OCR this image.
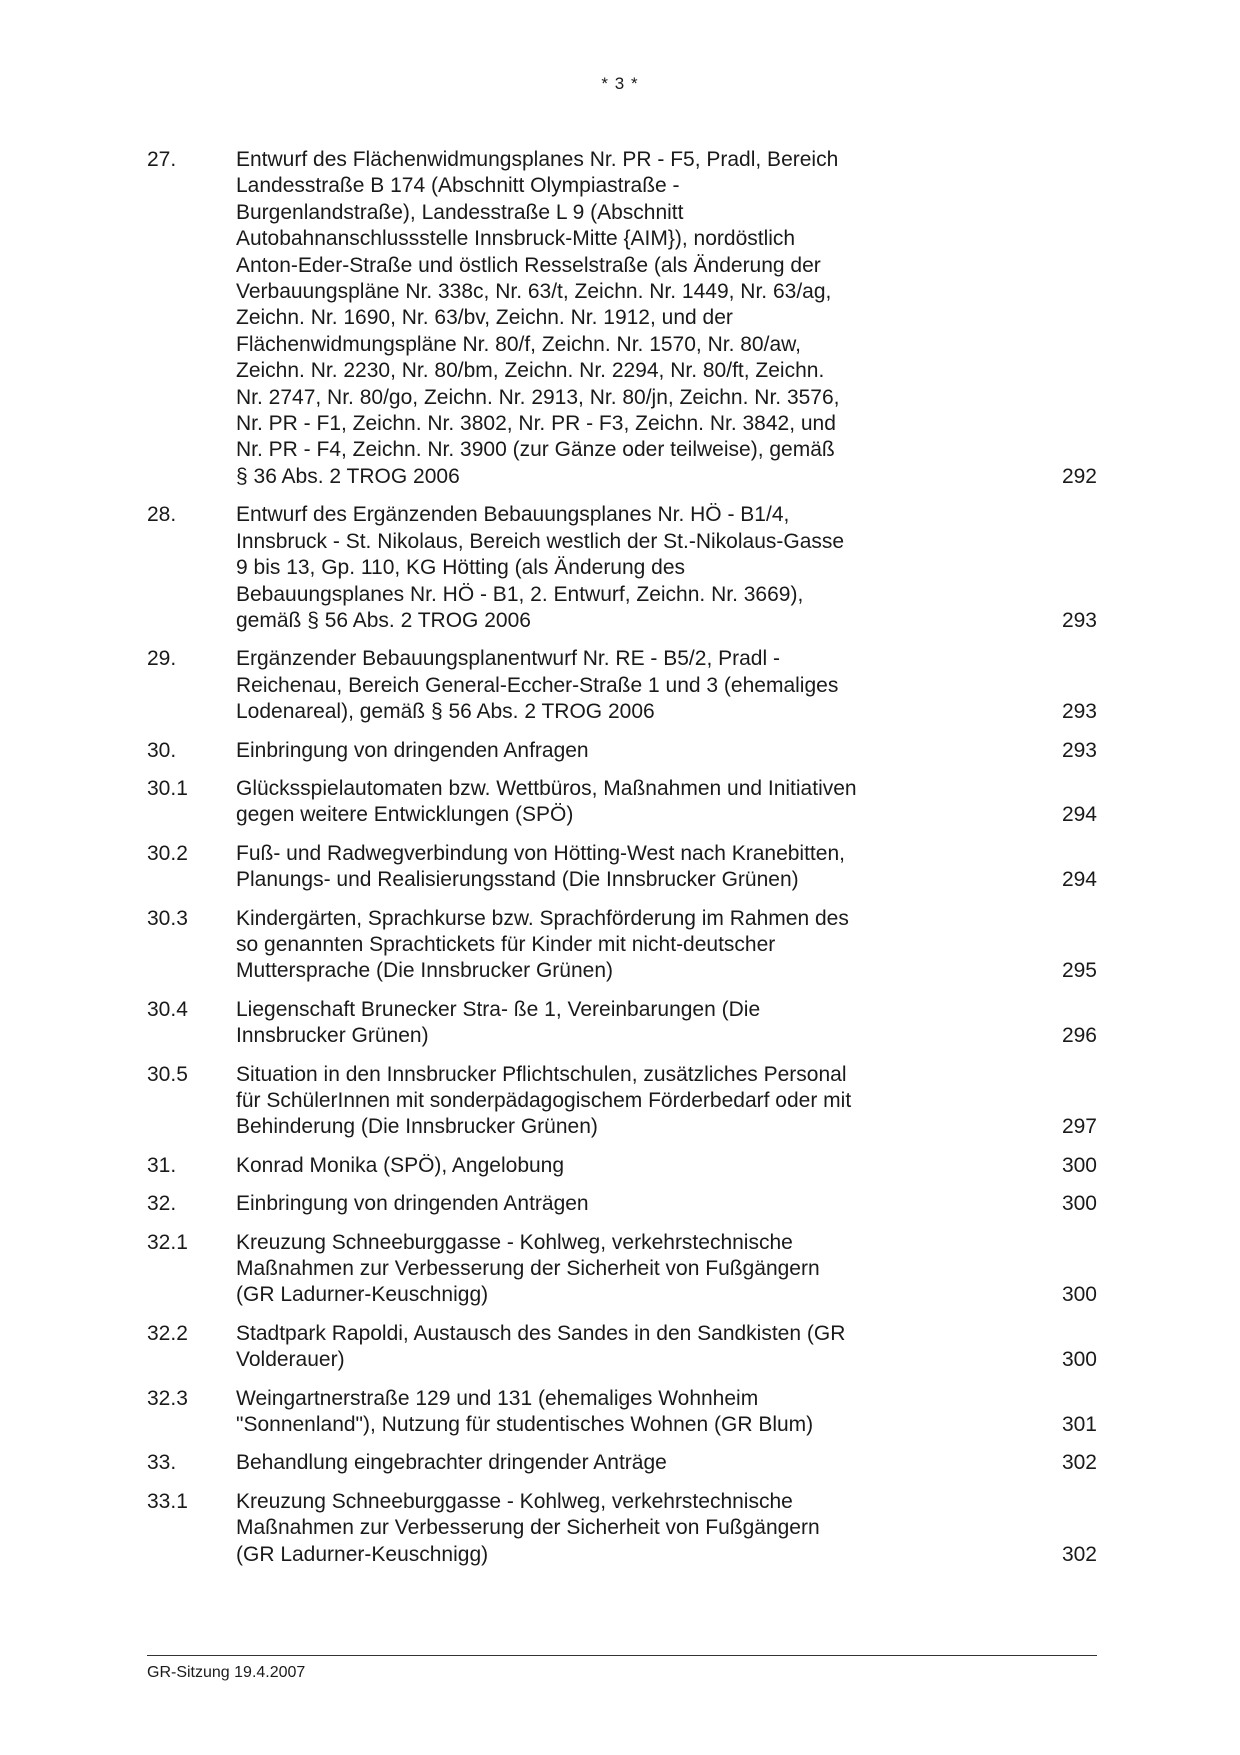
* 3 *
27.	Entwurf des Flächenwidmungsplanes Nr. PR - F5, Pradl, Bereich
Landesstraße B 174 (Abschnitt Olympiastraße -
Burgenlandstraße), Landesstraße L 9 (Abschnitt
Autobahnanschlussstelle Innsbruck-Mitte {AIM}), nordöstlich
Anton-Eder-Straße und östlich Resselstraße (als Änderung der
Verbauungspläne Nr. 338c, Nr. 63/t, Zeichn. Nr. 1449, Nr. 63/ag,
Zeichn. Nr. 1690, Nr. 63/bv, Zeichn. Nr. 1912, und der
Flächenwidmungspläne Nr. 80/f, Zeichn. Nr. 1570, Nr. 80/aw,
Zeichn. Nr. 2230, Nr. 80/bm, Zeichn. Nr. 2294, Nr. 80/ft, Zeichn.
Nr. 2747, Nr. 80/go, Zeichn. Nr. 2913, Nr. 80/jn, Zeichn. Nr. 3576,
Nr. PR - F1, Zeichn. Nr. 3802, Nr. PR - F3, Zeichn. Nr. 3842, und
Nr. PR - F4, Zeichn. Nr. 3900 (zur Gänze oder teilweise), gemäß
§ 36 Abs. 2 TROG 2006	292
28.	Entwurf des Ergänzenden Bebauungsplanes Nr. HÖ - B1/4,
Innsbruck - St. Nikolaus, Bereich westlich der St.-Nikolaus-Gasse
9 bis 13, Gp. 110, KG Hötting (als Änderung des
Bebauungsplanes Nr. HÖ - B1, 2. Entwurf, Zeichn. Nr. 3669),
gemäß § 56 Abs. 2 TROG 2006	293
29.	Ergänzender Bebauungsplanentwurf Nr. RE - B5/2, Pradl -
Reichenau, Bereich General-Eccher-Straße 1 und 3 (ehemaliges
Lodenareal), gemäß § 56 Abs. 2 TROG 2006	293
30.	Einbringung von dringenden Anfragen	293
30.1	Glücksspielautomaten bzw. Wettbüros, Maßnahmen und Initiativen
gegen weitere Entwicklungen (SPÖ)	294
30.2	Fuß- und Radwegverbindung von Hötting-West nach Kranebitten,
Planungs- und Realisierungsstand (Die Innsbrucker Grünen)	294
30.3	Kindergärten, Sprachkurse bzw. Sprachförderung im Rahmen des
so genannten Sprachtickets für Kinder mit nicht-deutscher
Muttersprache (Die Innsbrucker Grünen)	295
30.4	Liegenschaft Brunecker Stra- ße 1, Vereinbarungen (Die
Innsbrucker Grünen)	296
30.5	Situation in den Innsbrucker Pflichtschulen, zusätzliches Personal
für SchülerInnen mit sonderpädagogischem Förderbedarf oder mit
Behinderung (Die Innsbrucker Grünen)	297
31.	Konrad Monika (SPÖ), Angelobung	300
32.	Einbringung von dringenden Anträgen	300
32.1	Kreuzung Schneeburggasse - Kohlweg, verkehrstechnische
Maßnahmen zur Verbesserung der Sicherheit von Fußgängern
(GR Ladurner-Keuschnigg)	300
32.2	Stadtpark Rapoldi, Austausch des Sandes in den Sandkisten (GR
Volderauer)	300
32.3	Weingartnerstraße 129 und 131 (ehemaliges Wohnheim
"Sonnenland"), Nutzung für studentisches Wohnen (GR Blum)	301
33.	Behandlung eingebrachter dringender Anträge	302
33.1	Kreuzung Schneeburggasse - Kohlweg, verkehrstechnische
Maßnahmen zur Verbesserung der Sicherheit von Fußgängern
(GR Ladurner-Keuschnigg)	302
GR-Sitzung 19.4.2007
